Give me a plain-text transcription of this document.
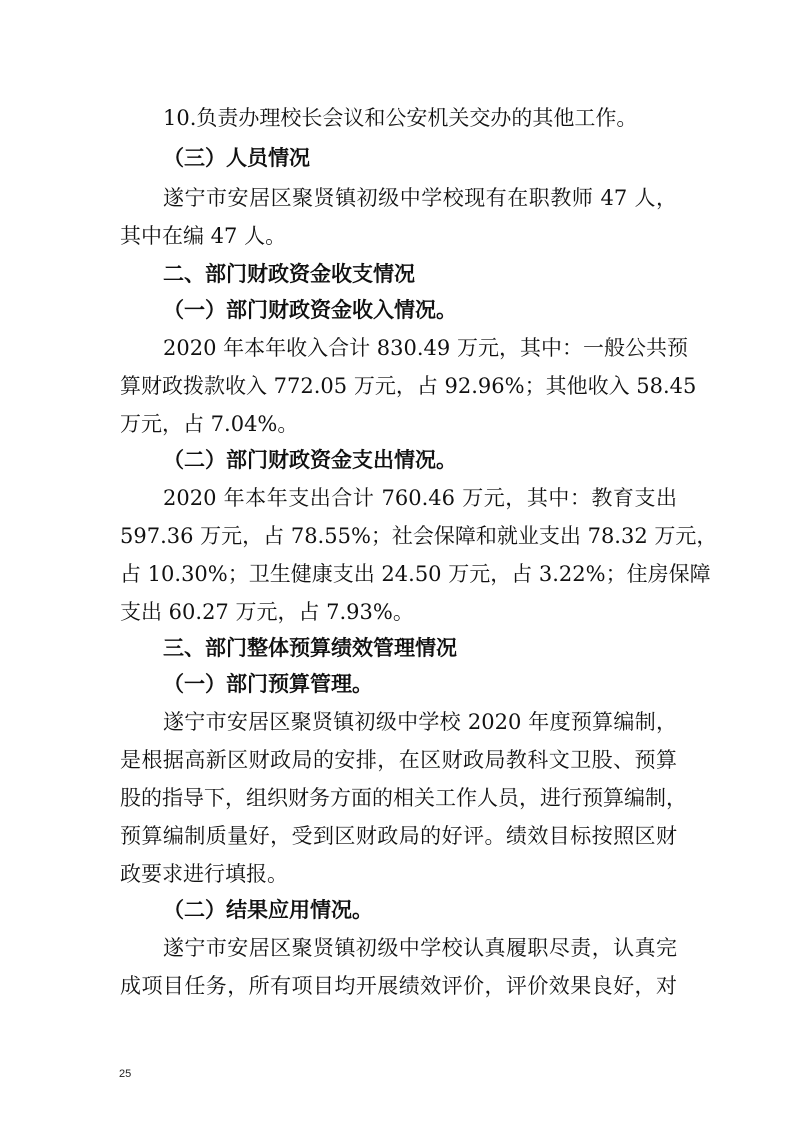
10.负责办理校长会议和公安机关交办的其他工作。
（三）人员情况
遂宁市安居区聚贤镇初级中学校现有在职教师 47 人，
其中在编 47 人。
二、部门财政资金收支情况
（一）部门财政资金收入情况。
2020 年本年收入合计 830.49 万元，其中：一般公共预
算财政拨款收入 772.05 万元，占 92.96%；其他收入 58.45
万元，占 7.04%。
（二）部门财政资金支出情况。
2020 年本年支出合计 760.46 万元，其中：教育支出
597.36 万元，占 78.55%；社会保障和就业支出 78.32 万元，
占 10.30%；卫生健康支出 24.50 万元，占 3.22%；住房保障
支出 60.27 万元，占 7.93%。
三、部门整体预算绩效管理情况
（一）部门预算管理。
遂宁市安居区聚贤镇初级中学校 2020 年度预算编制，
是根据高新区财政局的安排，在区财政局教科文卫股、预算
股的指导下，组织财务方面的相关工作人员，进行预算编制，
预算编制质量好，受到区财政局的好评。绩效目标按照区财
政要求进行填报。
（二）结果应用情况。
遂宁市安居区聚贤镇初级中学校认真履职尽责，认真完
成项目任务，所有项目均开展绩效评价，评价效果良好，对
25
